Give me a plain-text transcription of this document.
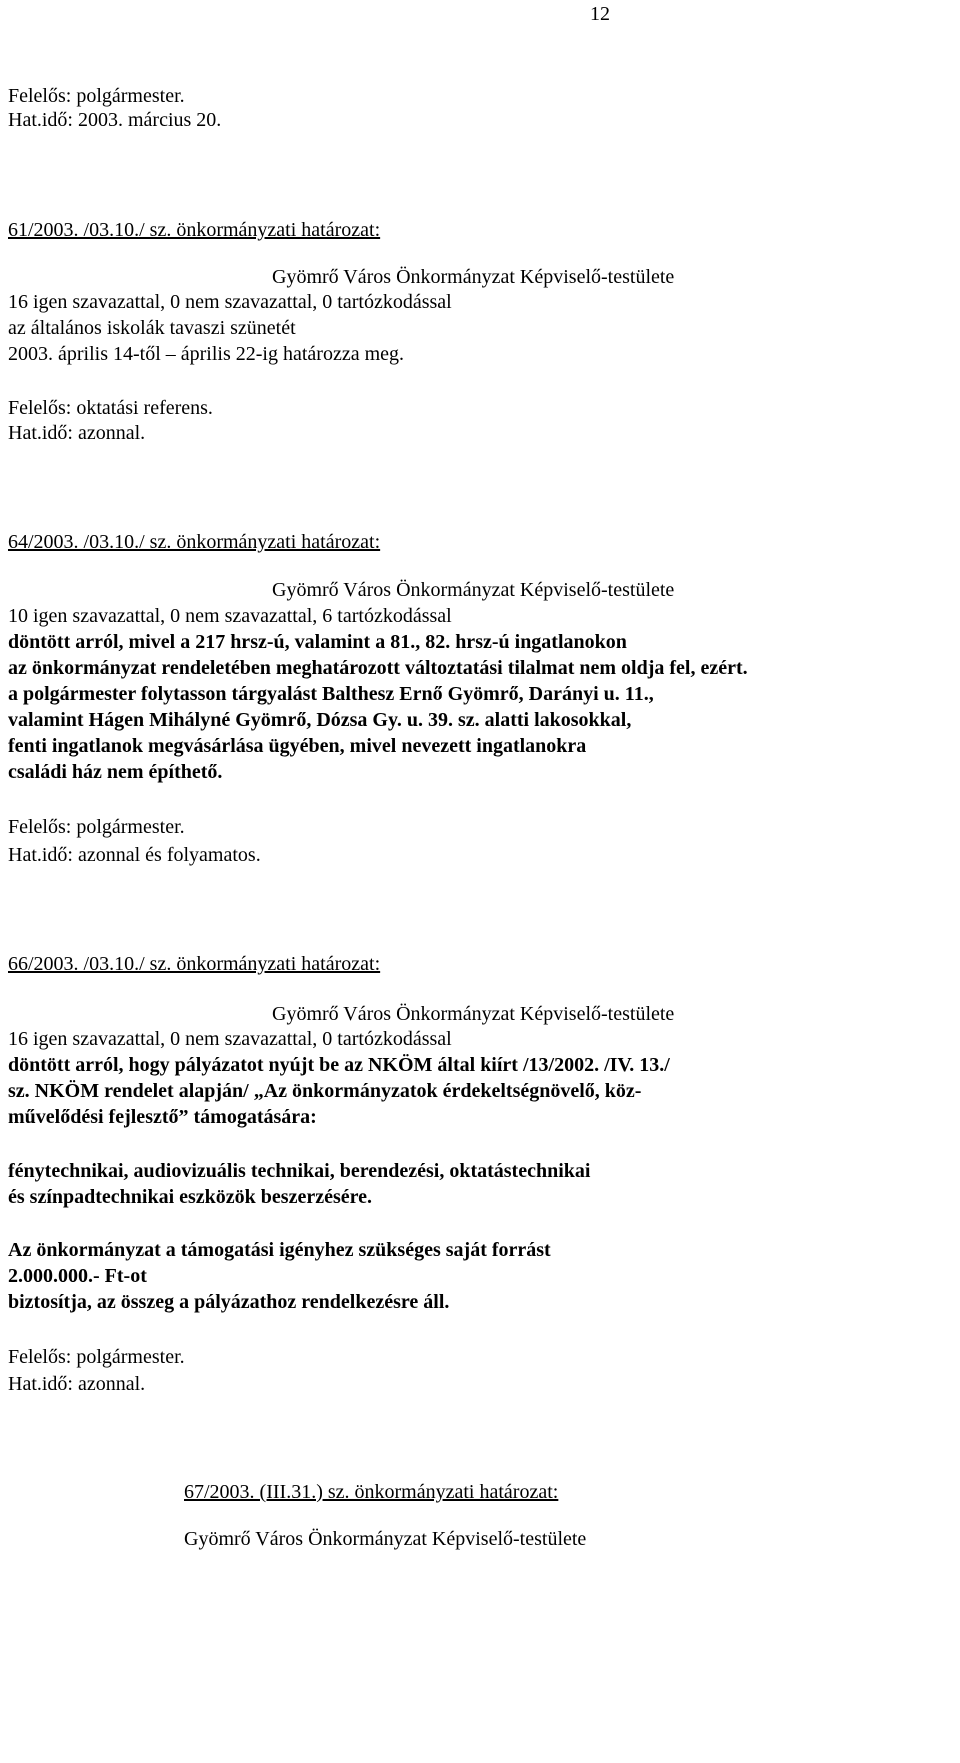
12
Felelős: polgármester.
Hat.idő: 2003. március 20.
61/2003. /03.10./ sz. önkormányzati határozat:
Gyömrő Város Önkormányzat Képviselő-testülete
16 igen szavazattal, 0 nem szavazattal, 0 tartózkodással
az általános iskolák tavaszi szünetét
2003. április 14-től – április 22-ig határozza meg.
Felelős: oktatási referens.
Hat.idő: azonnal.
64/2003. /03.10./ sz. önkormányzati határozat:
Gyömrő Város Önkormányzat Képviselő-testülete
10 igen szavazattal, 0 nem szavazattal, 6 tartózkodással
döntött arról, mivel a 217 hrsz-ú, valamint a 81., 82. hrsz-ú ingatlanokon
az önkormányzat rendeletében meghatározott változtatási tilalmat nem oldja fel, ezért.
a polgármester folytasson tárgyalást Balthesz Ernő Gyömrő, Darányi u. 11.,
valamint Hágen Mihályné Gyömrő, Dózsa Gy. u. 39. sz. alatti lakosokkal,
fenti ingatlanok megvásárlása ügyében, mivel nevezett ingatlanokra
családi ház nem építhető.
Felelős: polgármester.
Hat.idő: azonnal és folyamatos.
66/2003. /03.10./ sz. önkormányzati határozat:
Gyömrő Város Önkormányzat Képviselő-testülete
16 igen szavazattal, 0 nem szavazattal, 0 tartózkodással
döntött arról, hogy pályázatot nyújt be az NKÖM által kiírt /13/2002. /IV. 13./
sz. NKÖM rendelet alapján/ „Az önkormányzatok érdekeltségnövelő, köz-
művelődési fejlesztő” támogatására:
fénytechnikai, audiovizuális technikai, berendezési, oktatástechnikai
és színpadtechnikai eszközök beszerzésére.
Az önkormányzat a támogatási igényhez szükséges saját forrást
2.000.000.- Ft-ot
biztosítja, az összeg a pályázathoz rendelkezésre áll.
Felelős: polgármester.
Hat.idő: azonnal.
67/2003. (III.31.) sz. önkormányzati határozat:
Gyömrő Város Önkormányzat Képviselő-testülete
